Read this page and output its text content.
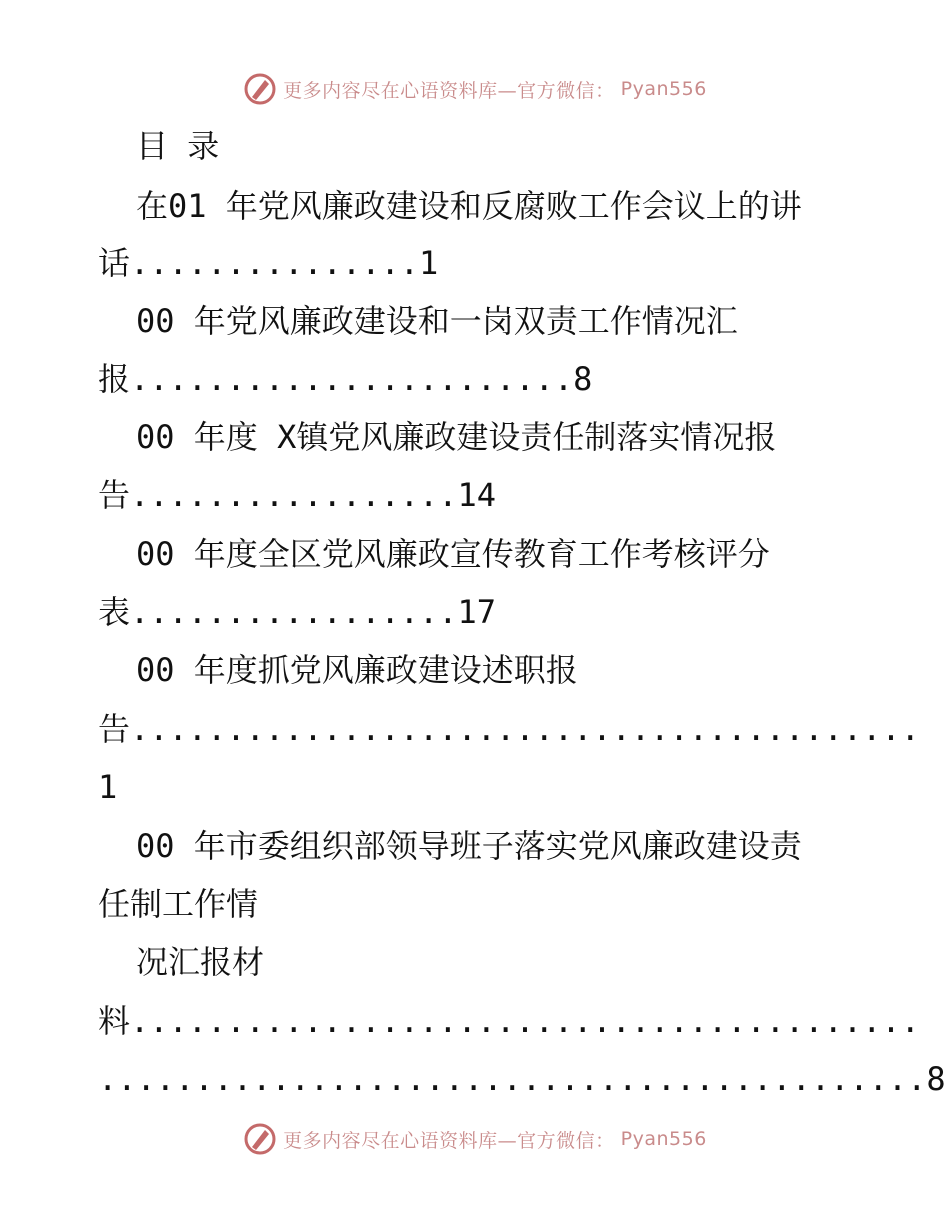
更多内容尽在心语资料库—官方微信： Pyan556
目 录
在01 年党风廉政建设和反腐败工作会议上的讲
话...............1
00 年党风廉政建设和一岗双责工作情况汇
报.......................8
00 年度 X镇党风廉政建设责任制落实情况报
告.................14
00 年度全区党风廉政宣传教育工作考核评分
表.................17
00 年度抓党风廉政建设述职报
告.........................................
1
00 年市委组织部领导班子落实党风廉政建设责
任制工作情
况汇报材
料.........................................
...........................................8
更多内容尽在心语资料库—官方微信： Pyan556
